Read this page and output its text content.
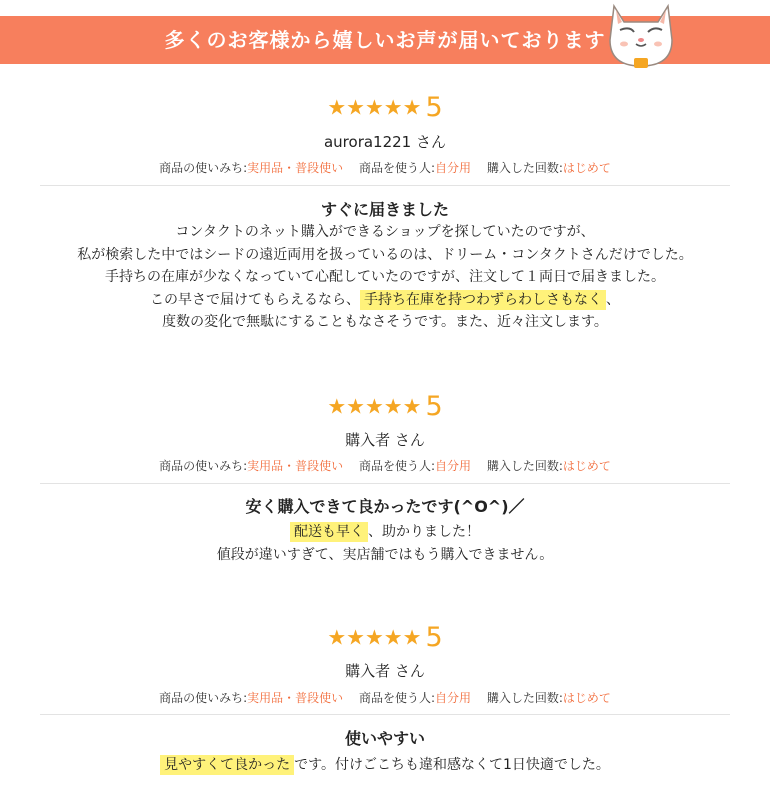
多くのお客様から嬉しいお声が届いております
★★★★★ 5
aurora1221 さん
商品の使いみち:実用品・普段使い 商品を使う人:自分用 購入した回数:はじめて
すぐに届きました
コンタクトのネット購入ができるショップを探していたのですが、
私が検索した中ではシードの遠近両用を扱っているのは、ドリーム・コンタクトさんだけでした。
手持ちの在庫が少なくなっていて心配していたのですが、注文して１両日で届きました。
この早さで届けてもらえるなら、 手持ち在庫を持つわずらわしさもなく 、
度数の変化で無駄にすることもなさそうです。また、近々注文します。
★★★★★ 5
購入者 さん
商品の使いみち:実用品・普段使い 商品を使う人:自分用 購入した回数:はじめて
安く購入できて良かったです(^O^)／
配送も早く 、助かりました！
値段が違いすぎて、実店舗ではもう購入できません。
★★★★★ 5
購入者 さん
商品の使いみち:実用品・普段使い 商品を使う人:自分用 購入した回数:はじめて
使いやすい
見やすくて良かった です。付けごこちも違和感なくて1日快適でした。
